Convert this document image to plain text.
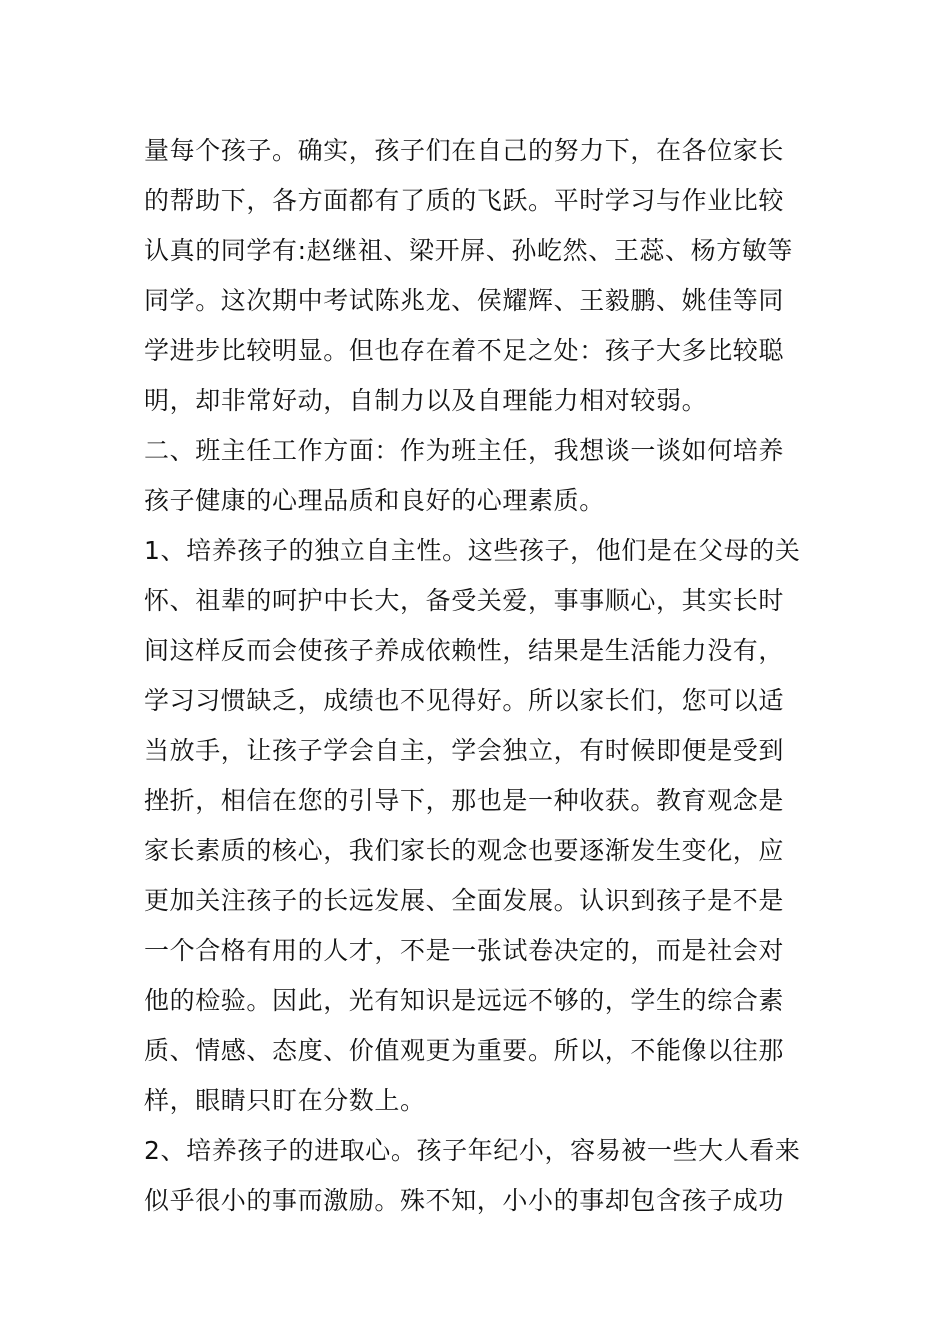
量每个孩子。确实，孩子们在自己的努力下，在各位家长
的帮助下，各方面都有了质的飞跃。平时学习与作业比较
认真的同学有:赵继祖、梁开屏、孙屹然、王蕊、杨方敏等
同学。这次期中考试陈兆龙、侯耀辉、王毅鹏、姚佳等同
学进步比较明显。但也存在着不足之处：孩子大多比较聪
明，却非常好动，自制力以及自理能力相对较弱。
二、班主任工作方面：作为班主任，我想谈一谈如何培养
孩子健康的心理品质和良好的心理素质。
1、培养孩子的独立自主性。这些孩子，他们是在父母的关
怀、祖辈的呵护中长大，备受关爱，事事顺心，其实长时
间这样反而会使孩子养成依赖性，结果是生活能力没有，
学习习惯缺乏，成绩也不见得好。所以家长们，您可以适
当放手，让孩子学会自主，学会独立，有时候即便是受到
挫折，相信在您的引导下，那也是一种收获。教育观念是
家长素质的核心，我们家长的观念也要逐渐发生变化，应
更加关注孩子的长远发展、全面发展。认识到孩子是不是
一个合格有用的人才，不是一张试卷决定的，而是社会对
他的检验。因此，光有知识是远远不够的，学生的综合素
质、情感、态度、价值观更为重要。所以，不能像以往那
样，眼睛只盯在分数上。
2、培养孩子的进取心。孩子年纪小，容易被一些大人看来
似乎很小的事而激励。殊不知，小小的事却包含孩子成功
